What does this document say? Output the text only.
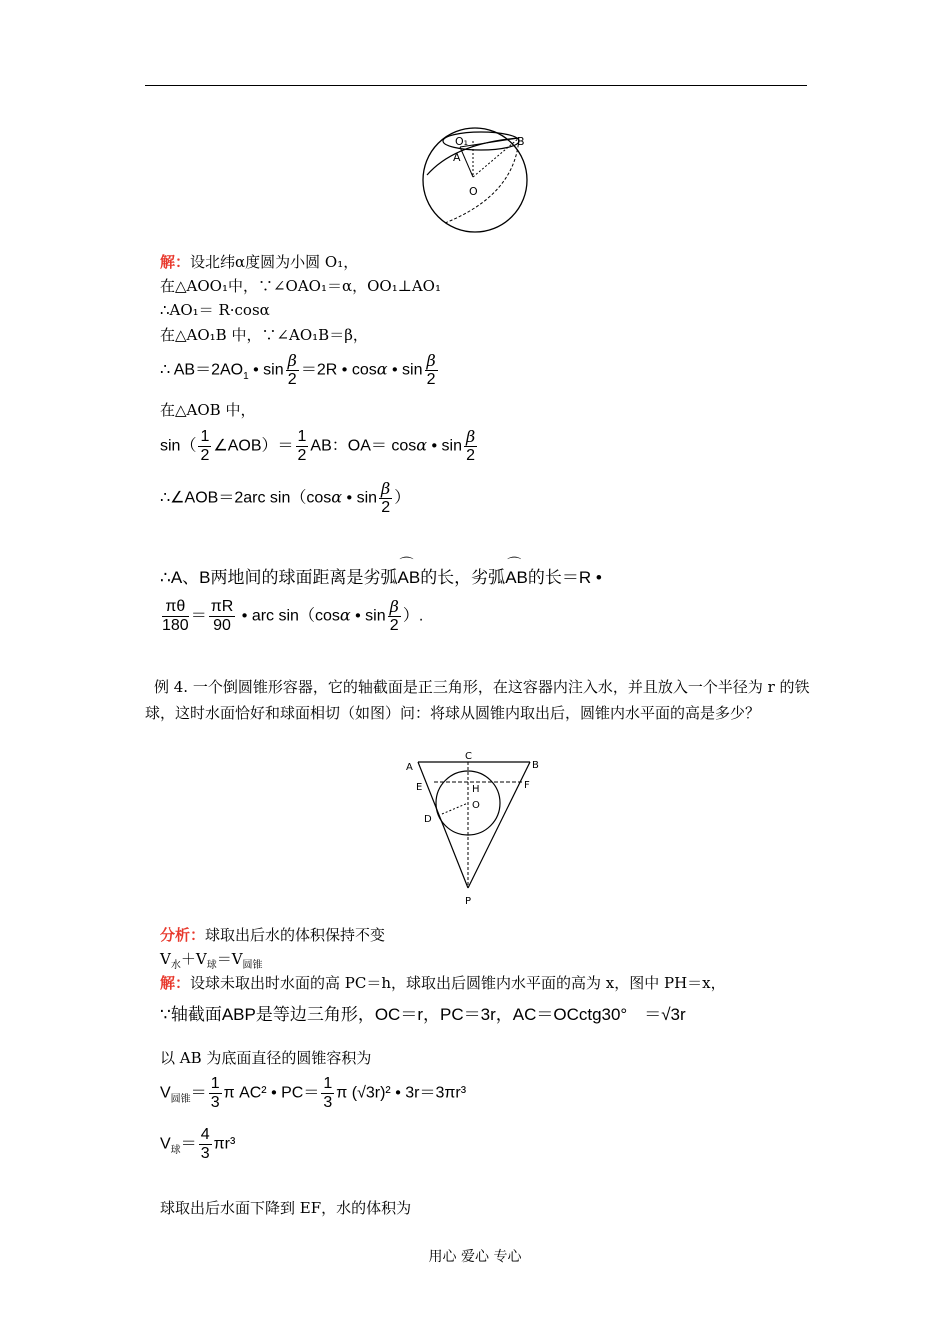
O₁
A
B
O
解：设北纬α度圆为小圆 O₁，
在△AOO₁中，∵∠OAO₁＝α，OO₁⊥AO₁
∴AO₁＝ R·cosα
在△AO₁B 中，∵∠AO₁B＝β，
∴ $AB=2AO_1$ • $\sin \frac{\beta}{2} =2R$ • cosα • $\sin \frac{\beta}{2}$
在△AOB 中，
$\sin( \frac{1}{2}$ ∠AOB）＝ $\frac{1}{2}$ AB：OA＝ cosα • $\sin \frac{\beta}{2}$
∴∠AOB＝2arc sin（cosα • $\sin \frac{\beta}{2}$ ）
∴A、B两地间的球面距离是劣弧⌒ AB的长，劣弧⌒ AB的长＝R •
$\frac{\pi\theta}{180} = \frac{\pi R}{90}$ • arc sin（cosα • $\sin \frac{\beta}{2}$ ）.
例 4. 一个倒圆锥形容器，它的轴截面是正三角形，在这容器内注入水，并且放入一个半径为 r 的铁球，这时水面恰好和球面相切（如图）问：将球从圆锥内取出后，圆锥内水平面的高是多少？
A
C
B
E	H	F
O
D
P
分析：球取出后水的体积保持不变
$V_水+V_球=V_{圆锥}$
解：设球未取出时水面的高 PC＝h，球取出后圆锥内水平面的高为 x，图中 PH＝x，
∵轴截面ABP是等边三角形，OC＝r，PC＝3r，AC＝OCctg30°　＝√3r
以 AB 为底面直径的圆锥容积为
$V_{圆锥}= \frac{1}{3}$ π AC² • $PC= \frac{1}{3}$ π (√3r)² • 3r＝3πr³
$V_球= \frac{4}{3} \pi r^3$
球取出后水面下降到 EF，水的体积为
用心 爱心 专心
